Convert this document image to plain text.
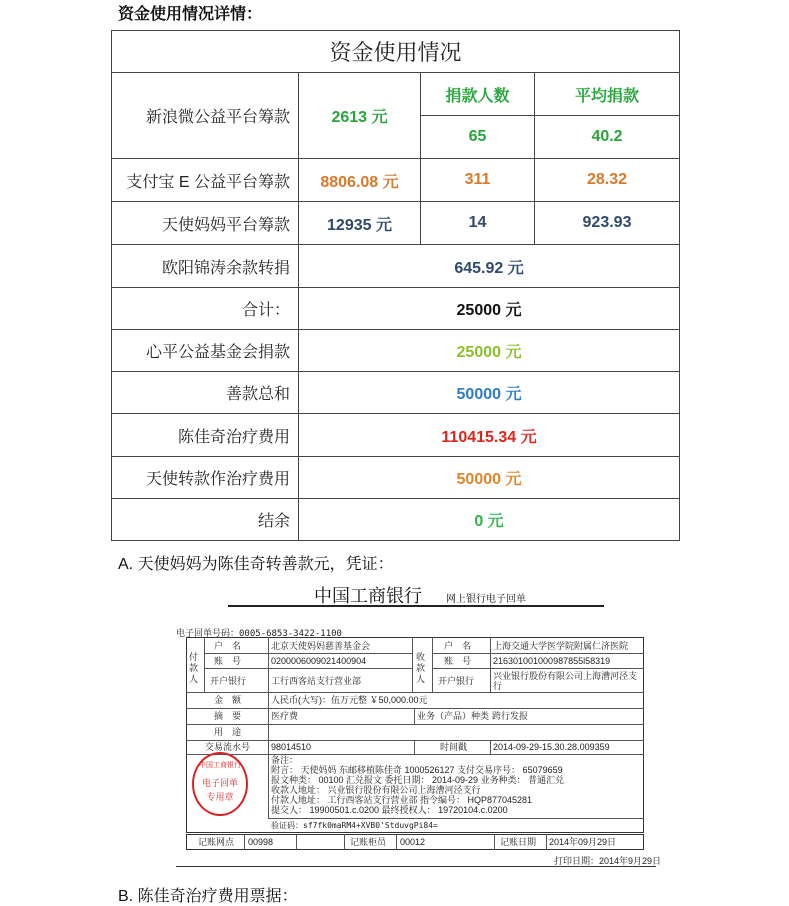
资金使用情况详情：
资金使用情况			
新浪微公益平台筹款	2613 元	捐款人数	平均捐款
		65	40.2
支付宝 E 公益平台筹款	8806.08 元	311	28.32
天使妈妈平台筹款	12935 元	14	923.93
欧阳锦涛余款转捐	645.92 元		
合计：	25000 元		
心平公益基金会捐款	25000 元		
善款总和	50000 元		
陈佳奇治疗费用	110415.34 元		
天使转款作治疗费用	50000 元		
结余	0 元		
A. 天使妈妈为陈佳奇转善款元，凭证：
中国工商银行 网上银行电子回单
电子回单号码：0005-6853-3422-1100
付款人
户　名	北京天使妈妈慈善基金会
账　号	0200006009021400904
开户银行	工行西客站支行营业部
收款人
户　名 上海交通大学医学院附属仁济医院
账　号 216301001000987855l58319
开户银行 兴业银行股份有限公司上海漕河泾支行
金　额	人民币(大写)：伍万元整 ￥50,000.00元
摘　要	医疗费	业务（产品）种类 跨行发报
用　途
交易流水号 98014510	时间戳	2014-09-29-15.30.28.009359
备注：
附言： 天使妈妈 东邮移植陈佳奇 1000526127 支付交易序号： 65079659
报文种类： 00100 汇兑报文 委托日期： 2014-09-29 业务种类： 普通汇兑
收款人地址： 兴业银行股份有限公司上海漕河泾支行
付款人地址： 工行西客站支行营业部 指令编号： HQP877045281
提交人： 19900501.c.0200 最终授权人： 19720104.c.0200
验证码：sf7fk0maRM4+XVB0'StduvgPi84=
中国工商银行
电子回单
专用章
记账网点 00998	记账柜员 00012	记账日期 2014年09月29日
打印日期：2014年9月29日
B. 陈佳奇治疗费用票据：
